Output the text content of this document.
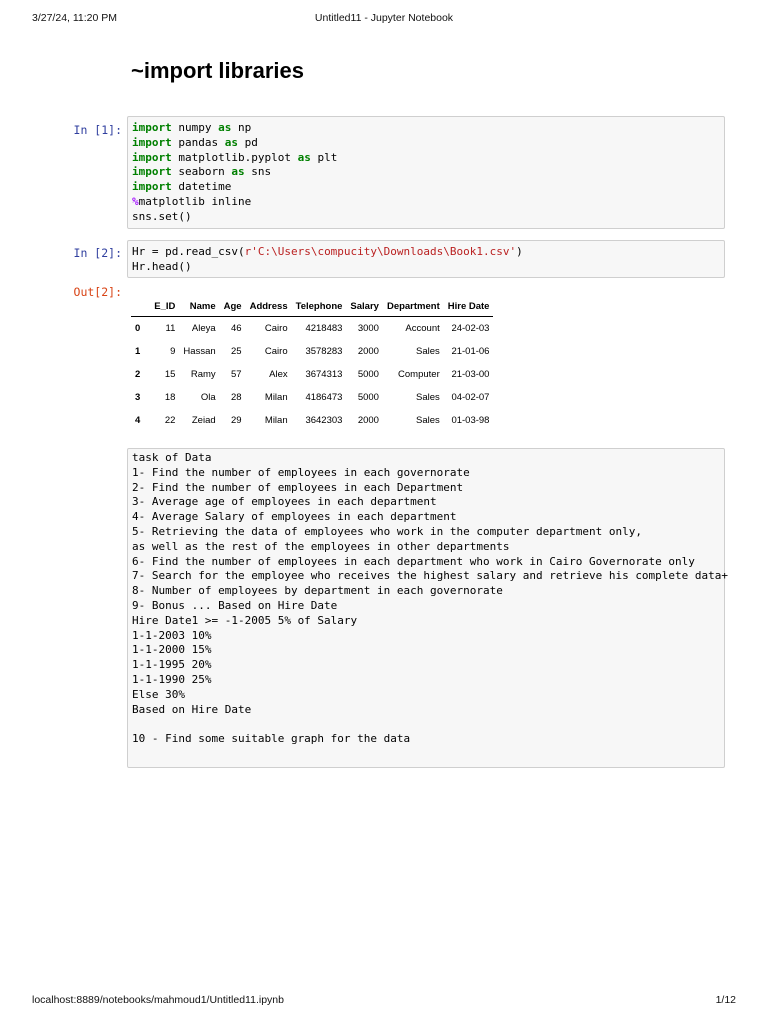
3/27/24, 11:20 PM	Untitled11 - Jupyter Notebook
~import libraries
In [1]: import numpy as np
import pandas as pd
import matplotlib.pyplot as plt
import seaborn as sns
import datetime
%matplotlib inline
sns.set()
In [2]: Hr = pd.read_csv(r'C:\Users\compucity\Downloads\Book1.csv')
Hr.head()
Out[2]:
	E_ID	Name	Age	Address	Telephone	Salary	Department	Hire Date
0	11	Aleya	46	Cairo	4218483	3000	Account	24-02-03
1	9	Hassan	25	Cairo	3578283	2000	Sales	21-01-06
2	15	Ramy	57	Alex	3674313	5000	Computer	21-03-00
3	18	Ola	28	Milan	4186473	5000	Sales	04-02-07
4	22	Zeiad	29	Milan	3642303	2000	Sales	01-03-98
task of Data
1- Find the number of employees in each governorate
2- Find the number of employees in each Department
3- Average age of employees in each department
4- Average Salary of employees in each department
5- Retrieving the data of employees who work in the computer department only,
as well as the rest of the employees in other departments
6- Find the number of employees in each department who work in Cairo Governorate only
7- Search for the employee who receives the highest salary and retrieve his complete data+
8- Number of employees by department in each governorate
9- Bonus ... Based on Hire Date
Hire Date1 >= -1-2005 5% of Salary
1-1-2003 10%
1-1-2000 15%
1-1-1995 20%
1-1-1990 25%
Else 30%
Based on Hire Date

10 - Find some suitable graph for the data
localhost:8889/notebooks/mahmoud1/Untitled11.ipynb	1/12
